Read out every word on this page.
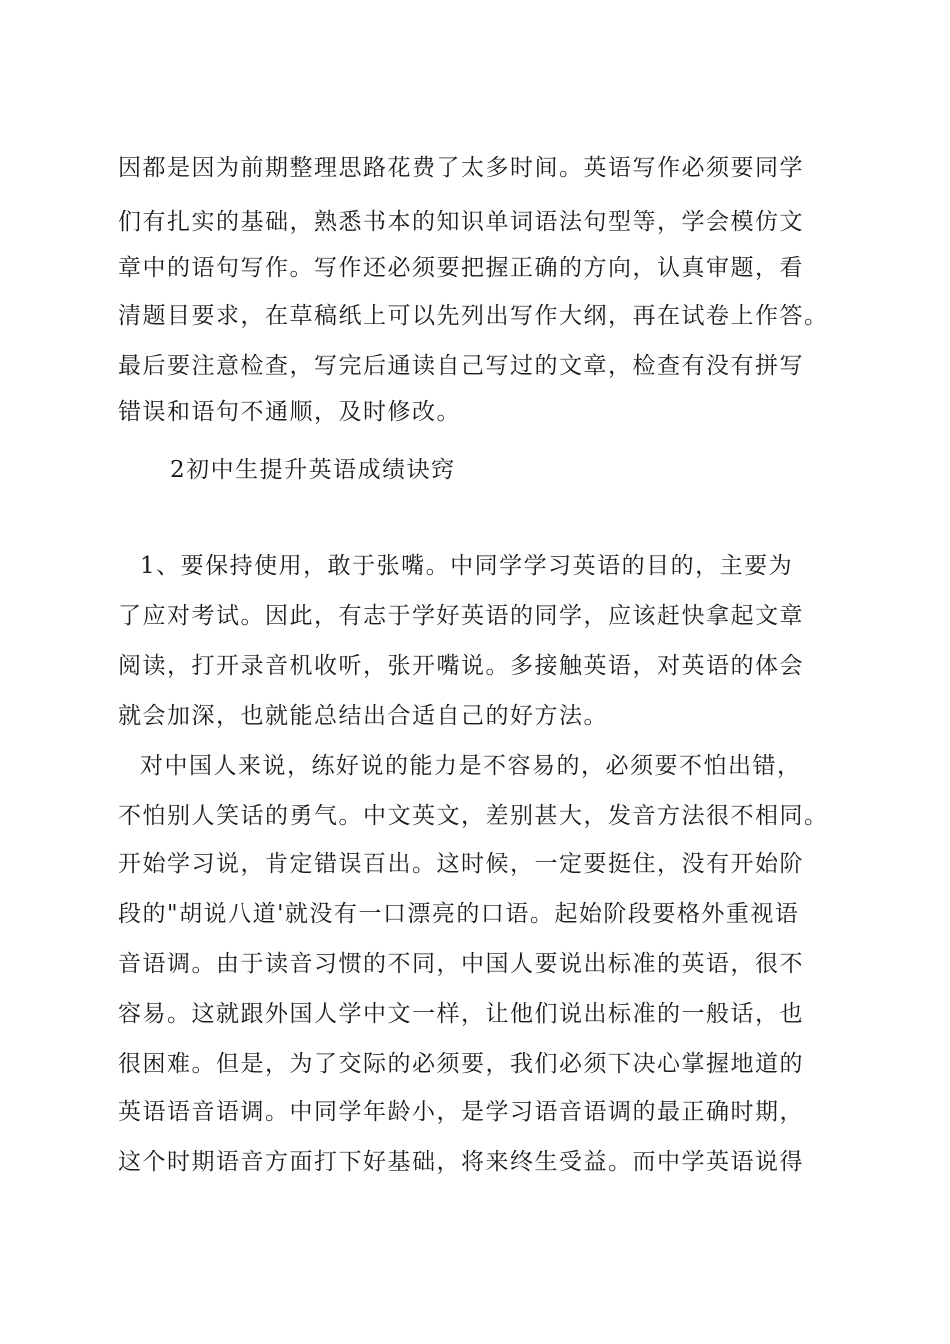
因都是因为前期整理思路花费了太多时间。英语写作必须要同学
们有扎实的基础，熟悉书本的知识单词语法句型等，学会模仿文
章中的语句写作。写作还必须要把握正确的方向，认真审题，看
清题目要求，在草稿纸上可以先列出写作大纲，再在试卷上作答。
最后要注意检查，写完后通读自己写过的文章，检查有没有拼写
错误和语句不通顺，及时修改。
2初中生提升英语成绩诀窍
1、要保持使用，敢于张嘴。中同学学习英语的目的，主要为
了应对考试。因此，有志于学好英语的同学，应该赶快拿起文章
阅读，打开录音机收听，张开嘴说。多接触英语，对英语的体会
就会加深，也就能总结出合适自己的好方法。
对中国人来说，练好说的能力是不容易的，必须要不怕出错，
不怕别人笑话的勇气。中文英文，差别甚大，发音方法很不相同。
开始学习说，肯定错误百出。这时候，一定要挺住，没有开始阶
段的"胡说八道'就没有一口漂亮的口语。起始阶段要格外重视语
音语调。由于读音习惯的不同，中国人要说出标准的英语，很不
容易。这就跟外国人学中文一样，让他们说出标准的一般话，也
很困难。但是，为了交际的必须要，我们必须下决心掌握地道的
英语语音语调。中同学年龄小，是学习语音语调的最正确时期，
这个时期语音方面打下好基础，将来终生受益。而中学英语说得
